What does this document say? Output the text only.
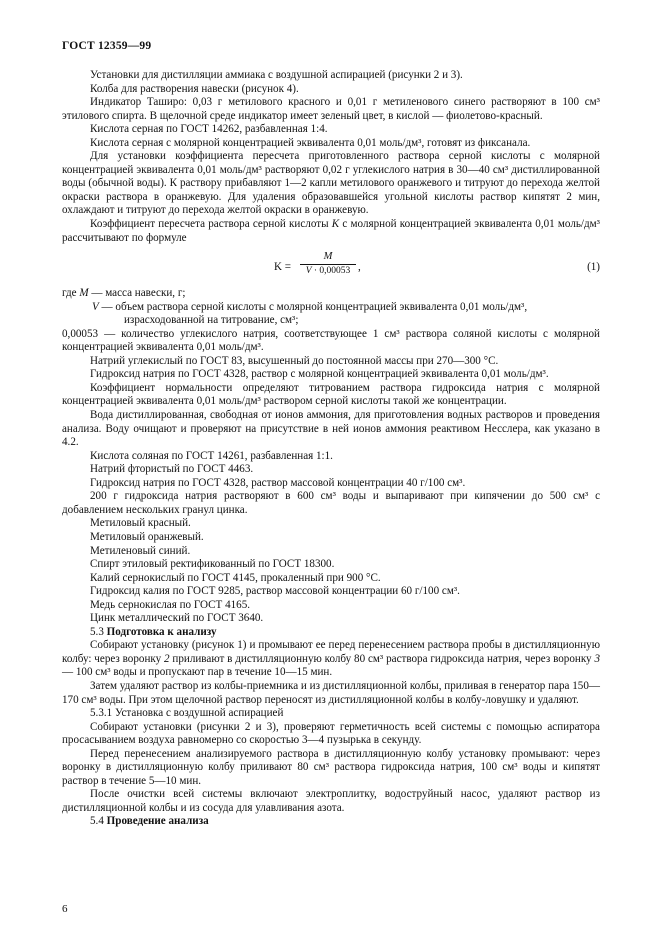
ГОСТ 12359—99

Установки для дистилляции аммиака с воздушной аспирацией (рисунки 2 и 3).

Колба для растворения навески (рисунок 4).

Индикатор Таширо: 0,03 г метилового красного и 0,01 г метиленового синего растворяют в 100 см³ этилового спирта. В щелочной среде индикатор имеет зеленый цвет, в кислой — фиолетово-красный.

Кислота серная по ГОСТ 14262, разбавленная 1:4.

Кислота серная с молярной концентрацией эквивалента 0,01 моль/дм³, готовят из фиксанала.

Для установки коэффициента пересчета приготовленного раствора серной кислоты с молярной концентрацией эквивалента 0,01 моль/дм³ растворяют 0,02 г углекислого натрия в 30—40 см³ дистиллированной воды (обычной воды). К раствору прибавляют 1—2 капли метилового оранжевого и титруют до перехода желтой окраски раствора в оранжевую. Для удаления образовавшейся угольной кислоты раствор кипятят 2 мин, охлаждают и титруют до перехода желтой окраски в оранжевую.

Коэффициент пересчета раствора серной кислоты K с молярной концентрацией эквивалента 0,01 моль/дм³ рассчитывают по формуле

K =
M
V · 0,00053 ,	(1)

где M — масса навески, г;

V — объем раствора серной кислоты с молярной концентрацией эквивалента 0,01 моль/дм³,

израсходованной на титрование, см³;

0,00053 — количество углекислого натрия, соответствующее 1 см³ раствора соляной кислоты с молярной концентрацией эквивалента 0,01 моль/дм³.

Натрий углекислый по ГОСТ 83, высушенный до постоянной массы при 270—300 °С.

Гидроксид натрия по ГОСТ 4328, раствор с молярной концентрацией эквивалента 0,01 моль/дм³.

Коэффициент нормальности определяют титрованием раствора гидроксида натрия с молярной концентрацией эквивалента 0,01 моль/дм³ раствором серной кислоты такой же концентрации.

Вода дистиллированная, свободная от ионов аммония, для приготовления водных растворов и проведения анализа. Воду очищают и проверяют на присутствие в ней ионов аммония реактивом Несслера, как указано в 4.2.

Кислота соляная по ГОСТ 14261, разбавленная 1:1.

Натрий фтористый по ГОСТ 4463.

Гидроксид натрия по ГОСТ 4328, раствор массовой концентрации 40 г/100 см³.

200 г гидроксида натрия растворяют в 600 см³ воды и выпаривают при кипячении до 500 см³ с добавлением нескольких гранул цинка.

Метиловый красный.

Метиловый оранжевый.

Метиленовый синий.

Спирт этиловый ректификованный по ГОСТ 18300.

Калий сернокислый по ГОСТ 4145, прокаленный при 900 °С.

Гидроксид калия по ГОСТ 9285, раствор массовой концентрации 60 г/100 см³.

Медь сернокислая по ГОСТ 4165.

Цинк металлический по ГОСТ 3640.

5.3 Подготовка к анализу

Собирают установку (рисунок 1) и промывают ее перед перенесением раствора пробы в дистилляционную колбу: через воронку 2 приливают в дистилляционную колбу 80 см³ раствора гидроксида натрия, через воронку 3 — 100 см³ воды и пропускают пар в течение 10—15 мин.

Затем удаляют раствор из колбы-приемника и из дистилляционной колбы, приливая в генератор пара 150—170 см³ воды. При этом щелочной раствор переносят из дистилляционной колбы в колбу-ловушку и удаляют.

5.3.1 Установка с воздушной аспирацией

Собирают установки (рисунки 2 и 3), проверяют герметичность всей системы с помощью аспиратора просасыванием воздуха равномерно со скоростью 3—4 пузырька в секунду.

Перед перенесением анализируемого раствора в дистилляционную колбу установку промывают: через воронку в дистилляционную колбу приливают 80 см³ раствора гидроксида натрия, 100 см³ воды и кипятят раствор в течение 5—10 мин.

После очистки всей системы включают электроплитку, водоструйный насос, удаляют раствор из дистилляционной колбы и из сосуда для улавливания азота.

5.4 Проведение анализа

6
